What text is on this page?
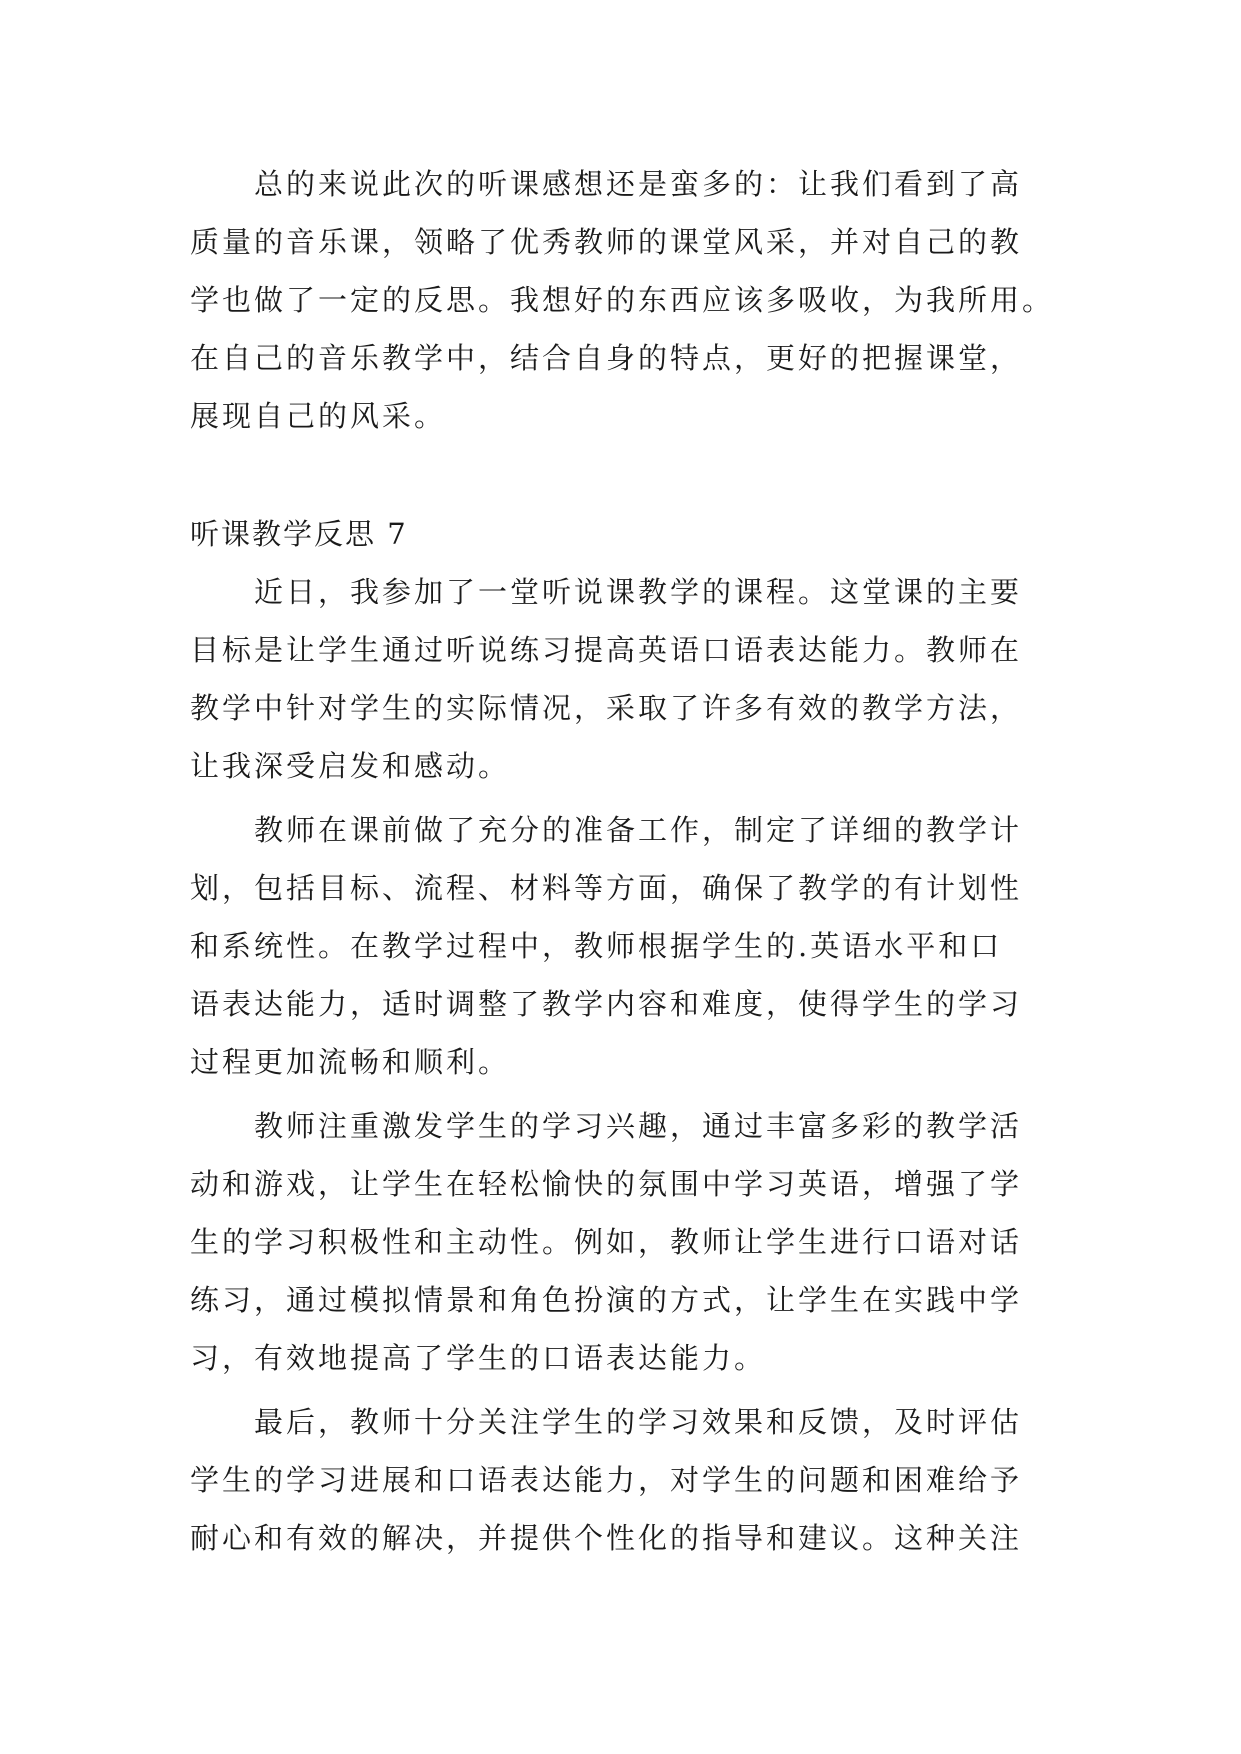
总的来说此次的听课感想还是蛮多的：让我们看到了高
质量的音乐课，领略了优秀教师的课堂风采，并对自己的教
学也做了一定的反思。我想好的东西应该多吸收，为我所用。
在自己的音乐教学中，结合自身的特点，更好的把握课堂，
展现自己的风采。
听课教学反思 7
近日，我参加了一堂听说课教学的课程。这堂课的主要
目标是让学生通过听说练习提高英语口语表达能力。教师在
教学中针对学生的实际情况，采取了许多有效的教学方法，
让我深受启发和感动。
教师在课前做了充分的准备工作，制定了详细的教学计
划，包括目标、流程、材料等方面，确保了教学的有计划性
和系统性。在教学过程中，教师根据学生的.英语水平和口
语表达能力，适时调整了教学内容和难度，使得学生的学习
过程更加流畅和顺利。
教师注重激发学生的学习兴趣，通过丰富多彩的教学活
动和游戏，让学生在轻松愉快的氛围中学习英语，增强了学
生的学习积极性和主动性。例如，教师让学生进行口语对话
练习，通过模拟情景和角色扮演的方式，让学生在实践中学
习，有效地提高了学生的口语表达能力。
最后，教师十分关注学生的学习效果和反馈，及时评估
学生的学习进展和口语表达能力，对学生的问题和困难给予
耐心和有效的解决，并提供个性化的指导和建议。这种关注
